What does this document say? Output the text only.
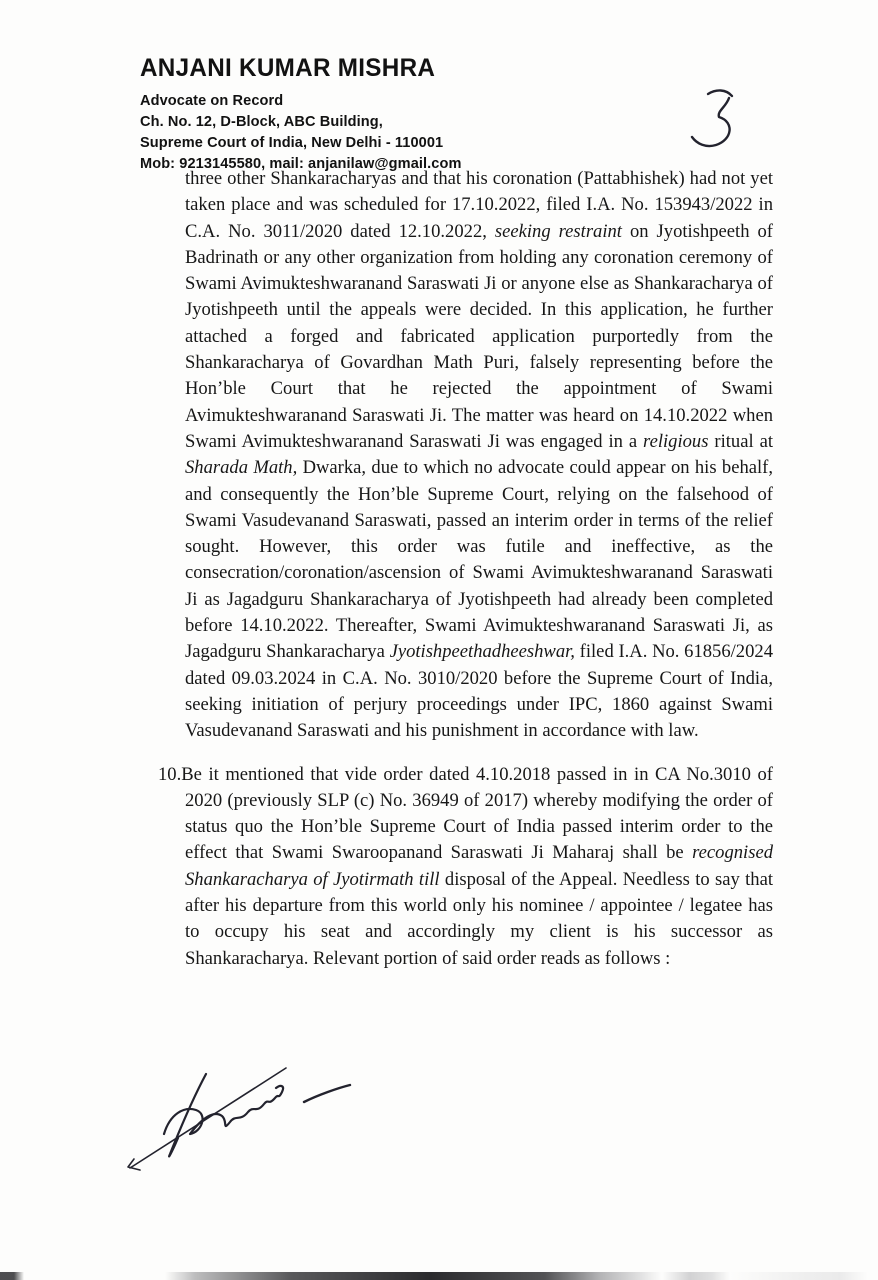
ANJANI KUMAR MISHRA
Advocate on Record
Ch. No. 12, D-Block, ABC Building,
Supreme Court of India, New Delhi - 110001
Mob: 9213145580, mail: anjanilaw@gmail.com
three other Shankaracharyas and that his coronation (Pattabhishek) had not yet taken place and was scheduled for 17.10.2022, filed I.A. No. 153943/2022 in C.A. No. 3011/2020 dated 12.10.2022, seeking restraint on Jyotishpeeth of Badrinath or any other organization from holding any coronation ceremony of Swami Avimukteshwaranand Saraswati Ji or anyone else as Shankaracharya of Jyotishpeeth until the appeals were decided. In this application, he further attached a forged and fabricated application purportedly from the Shankaracharya of Govardhan Math Puri, falsely representing before the Hon’ble Court that he rejected the appointment of Swami Avimukteshwaranand Saraswati Ji. The matter was heard on 14.10.2022 when Swami Avimukteshwaranand Saraswati Ji was engaged in a religious ritual at Sharada Math, Dwarka, due to which no advocate could appear on his behalf, and consequently the Hon’ble Supreme Court, relying on the falsehood of Swami Vasudevanand Saraswati, passed an interim order in terms of the relief sought. However, this order was futile and ineffective, as the consecration/coronation/ascension of Swami Avimukteshwaranand Saraswati Ji as Jagadguru Shankaracharya of Jyotishpeeth had already been completed before 14.10.2022. Thereafter, Swami Avimukteshwaranand Saraswati Ji, as Jagadguru Shankaracharya Jyotishpeethadheeshwar, filed I.A. No. 61856/2024 dated 09.03.2024 in C.A. No. 3010/2020 before the Supreme Court of India, seeking initiation of perjury proceedings under IPC, 1860 against Swami Vasudevanand Saraswati and his punishment in accordance with law.
10.Be it mentioned that vide order dated 4.10.2018 passed in in CA No.3010 of 2020 (previously SLP (c) No. 36949 of 2017) whereby modifying the order of status quo the Hon’ble Supreme Court of India passed interim order to the effect that Swami Swaroopanand Saraswati Ji Maharaj shall be recognised Shankaracharya of Jyotirmath till disposal of the Appeal. Needless to say that after his departure from this world only his nominee / appointee / legatee has to occupy his seat and accordingly my client is his successor as Shankaracharya. Relevant portion of said order reads as follows :
